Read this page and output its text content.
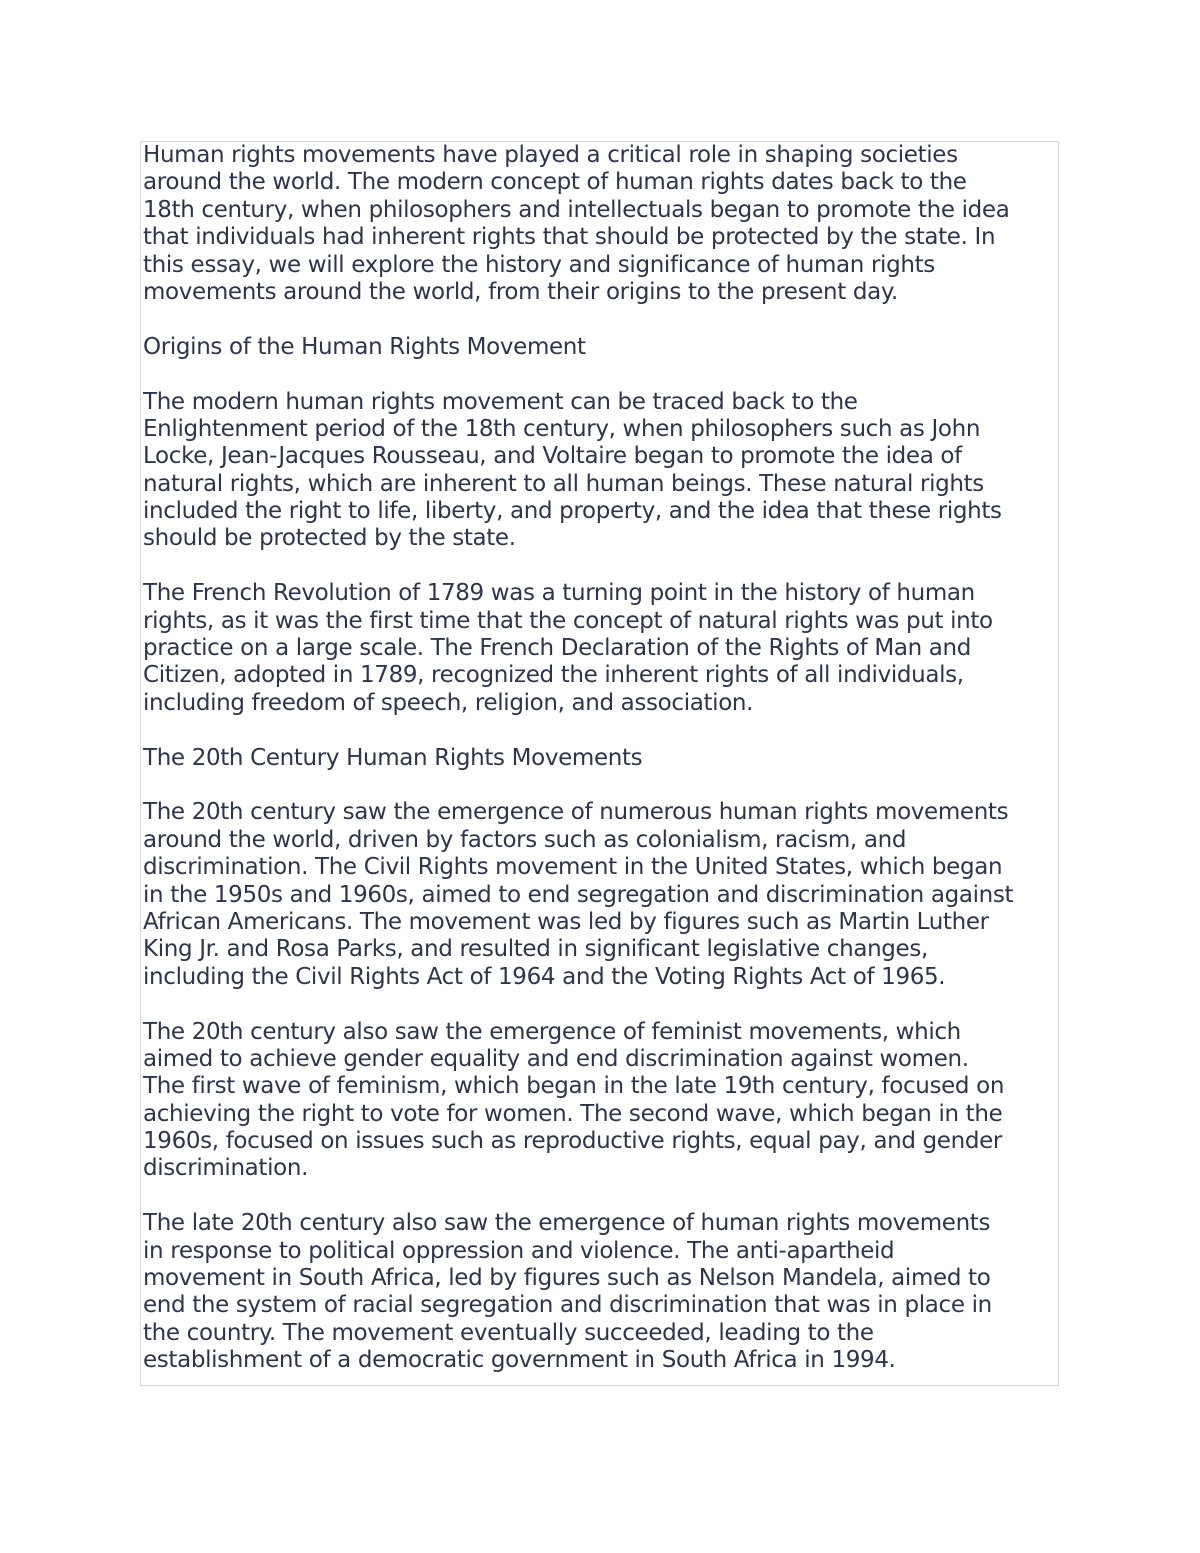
Human rights movements have played a critical role in shaping societies
around the world. The modern concept of human rights dates back to the
18th century, when philosophers and intellectuals began to promote the idea
that individuals had inherent rights that should be protected by the state. In
this essay, we will explore the history and significance of human rights
movements around the world, from their origins to the present day.
Origins of the Human Rights Movement
The modern human rights movement can be traced back to the
Enlightenment period of the 18th century, when philosophers such as John
Locke, Jean-Jacques Rousseau, and Voltaire began to promote the idea of
natural rights, which are inherent to all human beings. These natural rights
included the right to life, liberty, and property, and the idea that these rights
should be protected by the state.
The French Revolution of 1789 was a turning point in the history of human
rights, as it was the first time that the concept of natural rights was put into
practice on a large scale. The French Declaration of the Rights of Man and
Citizen, adopted in 1789, recognized the inherent rights of all individuals,
including freedom of speech, religion, and association.
The 20th Century Human Rights Movements
The 20th century saw the emergence of numerous human rights movements
around the world, driven by factors such as colonialism, racism, and
discrimination. The Civil Rights movement in the United States, which began
in the 1950s and 1960s, aimed to end segregation and discrimination against
African Americans. The movement was led by figures such as Martin Luther
King Jr. and Rosa Parks, and resulted in significant legislative changes,
including the Civil Rights Act of 1964 and the Voting Rights Act of 1965.
The 20th century also saw the emergence of feminist movements, which
aimed to achieve gender equality and end discrimination against women.
The first wave of feminism, which began in the late 19th century, focused on
achieving the right to vote for women. The second wave, which began in the
1960s, focused on issues such as reproductive rights, equal pay, and gender
discrimination.
The late 20th century also saw the emergence of human rights movements
in response to political oppression and violence. The anti-apartheid
movement in South Africa, led by figures such as Nelson Mandela, aimed to
end the system of racial segregation and discrimination that was in place in
the country. The movement eventually succeeded, leading to the
establishment of a democratic government in South Africa in 1994.
